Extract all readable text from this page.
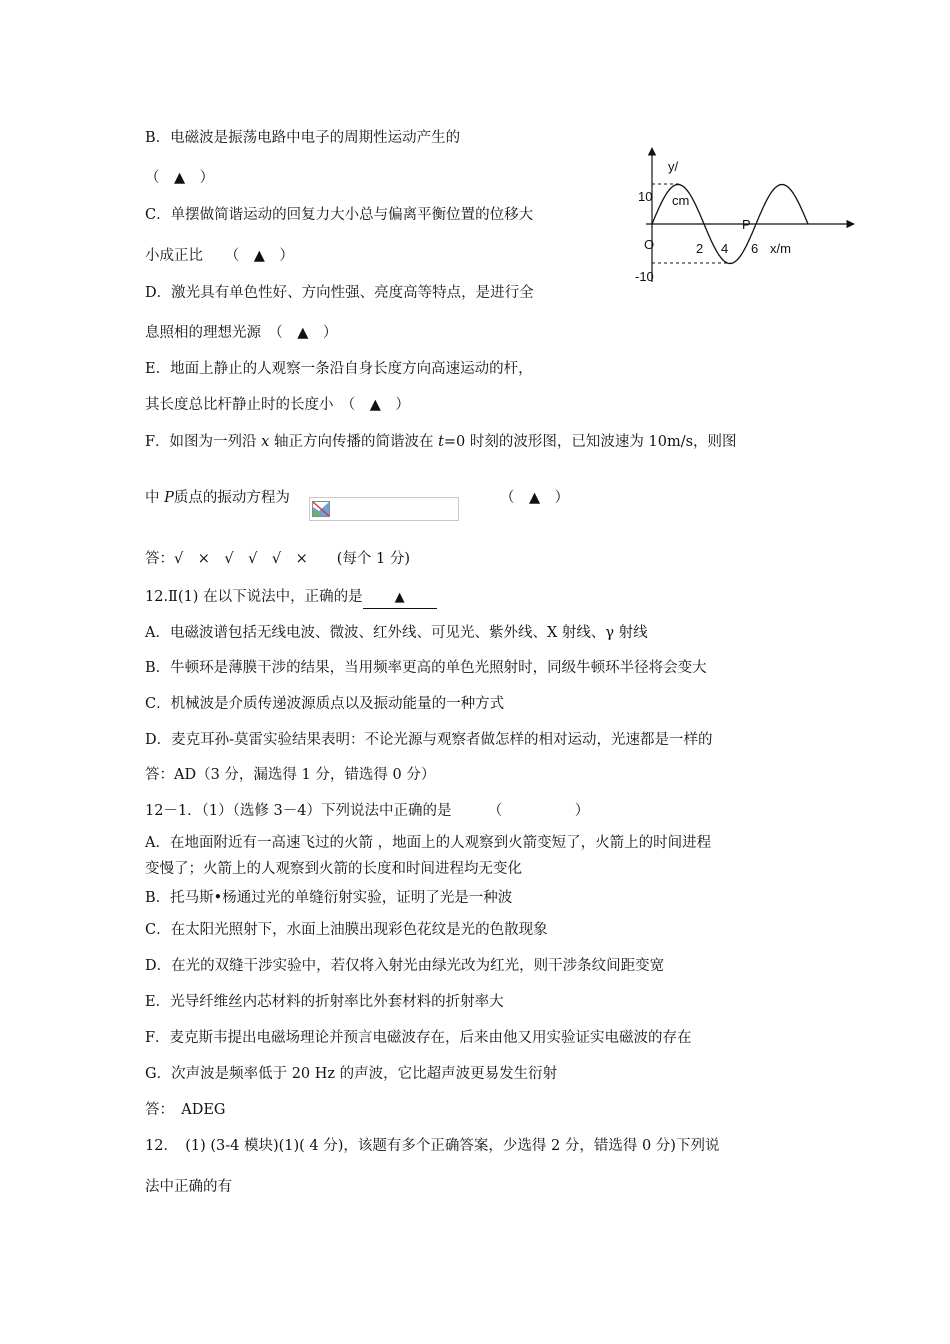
B．电磁波是振荡电路中电子的周期性运动产生的
（　▲　）
C．单摆做简谐运动的回复力大小总与偏离平衡位置的位移大
小成正比　　（　▲　）
D．激光具有单色性好、方向性强、亮度高等特点，是进行全
息照相的理想光源　（　▲　）
E．地面上静止的人观察一条沿自身长度方向高速运动的杆，
其长度总比杆静止时的长度小　（　▲　）
答：√　×　√　√　√　×　　(每个 1 分)
A．电磁波谱包括无线电波、微波、红外线、可见光、紫外线、X 射线、γ 射线
B．牛顿环是薄膜干涉的结果，当用频率更高的单色光照射时，同级牛顿环半径将会变大
C．机械波是介质传递波源质点以及振动能量的一种方式
D．麦克耳孙-莫雷实验结果表明：不论光源与观察者做怎样的相对运动，光速都是一样的
答：AD（3 分，漏选得 1 分，错选得 0 分）
12－1．（1）（选修 3－4）下列说法中正确的是　　　（　　　　　）
A．在地面附近有一高速飞过的火箭 ，地面上的人观察到火箭变短了，火箭上的时间进程
变慢了；火箭上的人观察到火箭的长度和时间进程均无变化
B．托马斯•杨通过光的单缝衍射实验，证明了光是一种波
C．在太阳光照射下，水面上油膜出现彩色花纹是光的色散现象
D．在光的双缝干涉实验中，若仅将入射光由绿光改为红光，则干涉条纹间距变宽
E．光导纤维丝内芯材料的折射率比外套材料的折射率大
F．麦克斯韦提出电磁场理论并预言电磁波存在，后来由他又用实验证实电磁波的存在
G．次声波是频率低于 20 Hz 的声波，它比超声波更易发生衍射
答：　ADEG
12．　(1) (3-4 模块)(1)( 4 分)，该题有多个正确答案，少选得 2 分，错选得 0 分)下列说
法中正确的有
F．如图为一列沿 x 轴正方向传播的简谐波在 t=0 时刻的波形图，已知波速为 10m/s，则图
中 P质点的振动方程为	（　▲　）
12.Ⅱ(1) 在以下说法中，正确的是 ▲
y/
cm
10
-10
O	2 4 6 x/m
P
